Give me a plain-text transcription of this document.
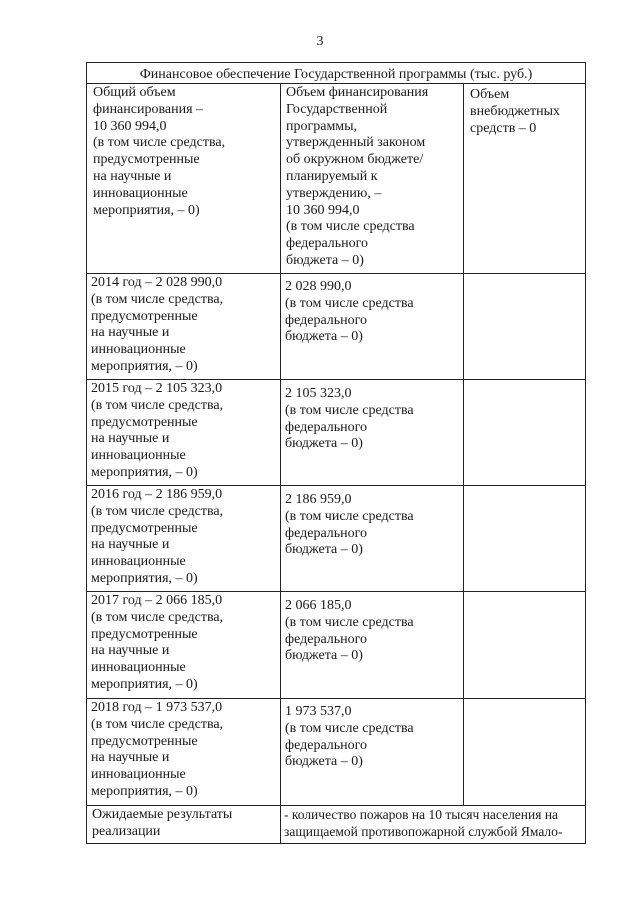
3
Финансовое обеспечение Государственной программы (тыс. руб.)
Общий объем
финансирования –
10 360 994,0
(в том числе средства,
предусмотренные
на научные и
инновационные
мероприятия, – 0)
Объем финансирования
Государственной
программы,
утвержденный законом
об окружном бюджете/
планируемый к
утверждению, –
10 360 994,0
(в том числе средства
федерального
бюджета – 0)
Объем
внебюджетных
средств – 0
2014 год – 2 028 990,0
(в том числе средства,
предусмотренные
на научные и
инновационные
мероприятия, – 0)
2 028 990,0
(в том числе средства
федерального
бюджета – 0)
2015 год – 2 105 323,0
(в том числе средства,
предусмотренные
на научные и
инновационные
мероприятия, – 0)
2 105 323,0
(в том числе средства
федерального
бюджета – 0)
2016 год – 2 186 959,0
(в том числе средства,
предусмотренные
на научные и
инновационные
мероприятия, – 0)
2 186 959,0
(в том числе средства
федерального
бюджета – 0)
2017 год – 2 066 185,0
(в том числе средства,
предусмотренные
на научные и
инновационные
мероприятия, – 0)
2 066 185,0
(в том числе средства
федерального
бюджета – 0)
2018 год – 1 973 537,0
(в том числе средства,
предусмотренные
на научные и
инновационные
мероприятия, – 0)
1 973 537,0
(в том числе средства
федерального
бюджета – 0)
Ожидаемые результаты
реализации
- количество пожаров на 10 тысяч населения на
защищаемой противопожарной службой Ямало-
